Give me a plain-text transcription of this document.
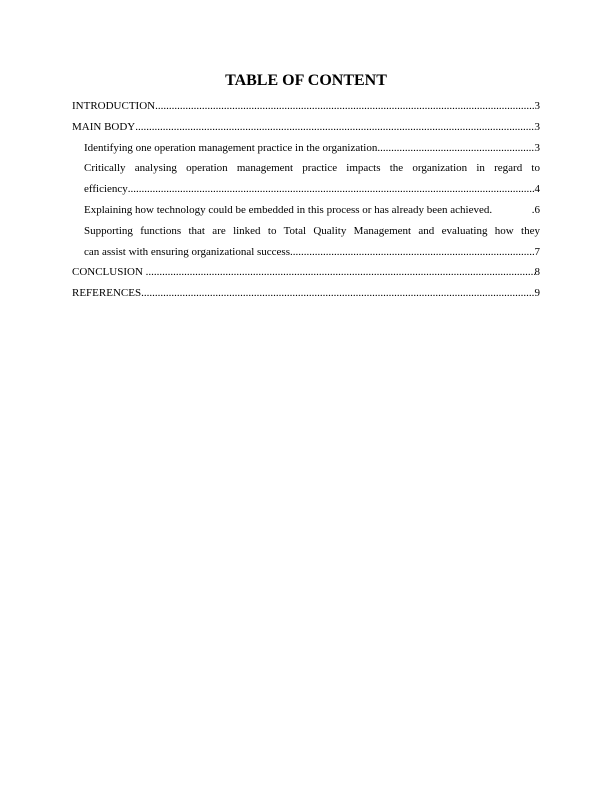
TABLE OF CONTENT
INTRODUCTION .....	3
MAIN BODY .....	3
Identifying one operation management practice in the organization .....	3
Critically analysing operation management practice impacts the organization in regard to
efficiency .....	4
Explaining how technology could be embedded in this process or has already been achieved.	.6
Supporting functions that are linked to Total Quality Management and evaluating how they
can assist with ensuring organizational success .....	7
CONCLUSION .....	8
REFERENCES .....	9
